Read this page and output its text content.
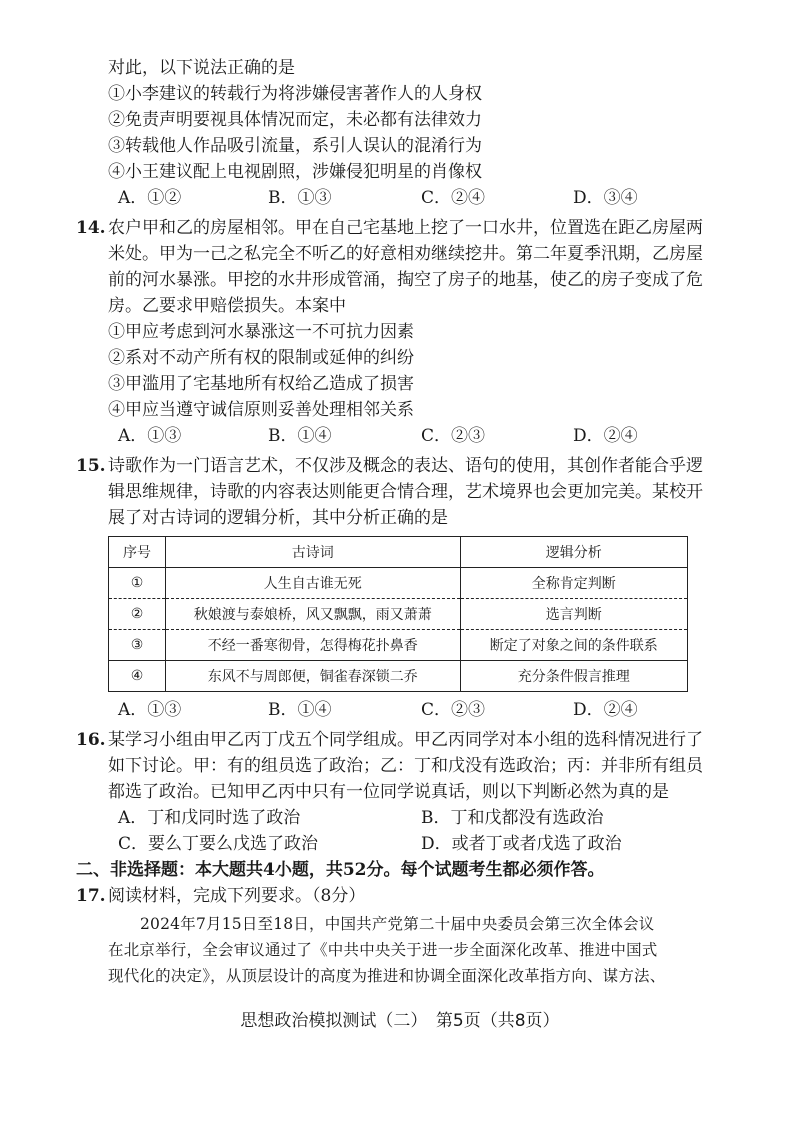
对此，以下说法正确的是
①小李建议的转载行为将涉嫌侵害著作人的人身权
②免责声明要视具体情况而定，未必都有法律效力
③转载他人作品吸引流量，系引人误认的混淆行为
④小王建议配上电视剧照，涉嫌侵犯明星的肖像权
A．①②	B．①③	C．②④	D．③④
14. 农户甲和乙的房屋相邻。甲在自己宅基地上挖了一口水井，位置选在距乙房屋两
米处。甲为一己之私完全不听乙的好意相劝继续挖井。第二年夏季汛期，乙房屋
前的河水暴涨。甲挖的水井形成管涌，掏空了房子的地基，使乙的房子变成了危
房。乙要求甲赔偿损失。本案中
①甲应考虑到河水暴涨这一不可抗力因素
②系对不动产所有权的限制或延伸的纠纷
③甲滥用了宅基地所有权给乙造成了损害
④甲应当遵守诚信原则妥善处理相邻关系
A．①③	B．①④	C．②③	D．②④
15. 诗歌作为一门语言艺术，不仅涉及概念的表达、语句的使用，其创作者能合乎逻
辑思维规律，诗歌的内容表达则能更合情合理，艺术境界也会更加完美。某校开
展了对古诗词的逻辑分析，其中分析正确的是
序号	古诗词	逻辑分析
①	人生自古谁无死	全称肯定判断
②	秋娘渡与泰娘桥，风又飘飘，雨又萧萧	选言判断
③	不经一番寒彻骨，怎得梅花扑鼻香	断定了对象之间的条件联系
④	东风不与周郎便，铜雀春深锁二乔	充分条件假言推理
A．①③	B．①④	C．②③	D．②④
16. 某学习小组由甲乙丙丁戊五个同学组成。甲乙丙同学对本小组的选科情况进行了
如下讨论。甲：有的组员选了政治；乙：丁和戊没有选政治；丙：并非所有组员
都选了政治。已知甲乙丙中只有一位同学说真话，则以下判断必然为真的是
A．丁和戊同时选了政治	B．丁和戊都没有选政治
C．要么丁要么戊选了政治	D．或者丁或者戊选了政治
二、非选择题：本大题共4小题，共52分。每个试题考生都必须作答。
17. 阅读材料，完成下列要求。（8分）
2024年7月15日至18日，中国共产党第二十届中央委员会第三次全体会议
在北京举行，全会审议通过了《中共中央关于进一步全面深化改革、推进中国式
现代化的决定》，从顶层设计的高度为推进和协调全面深化改革指方向、谋方法、
思想政治模拟测试（二）　第5页（共8页）
